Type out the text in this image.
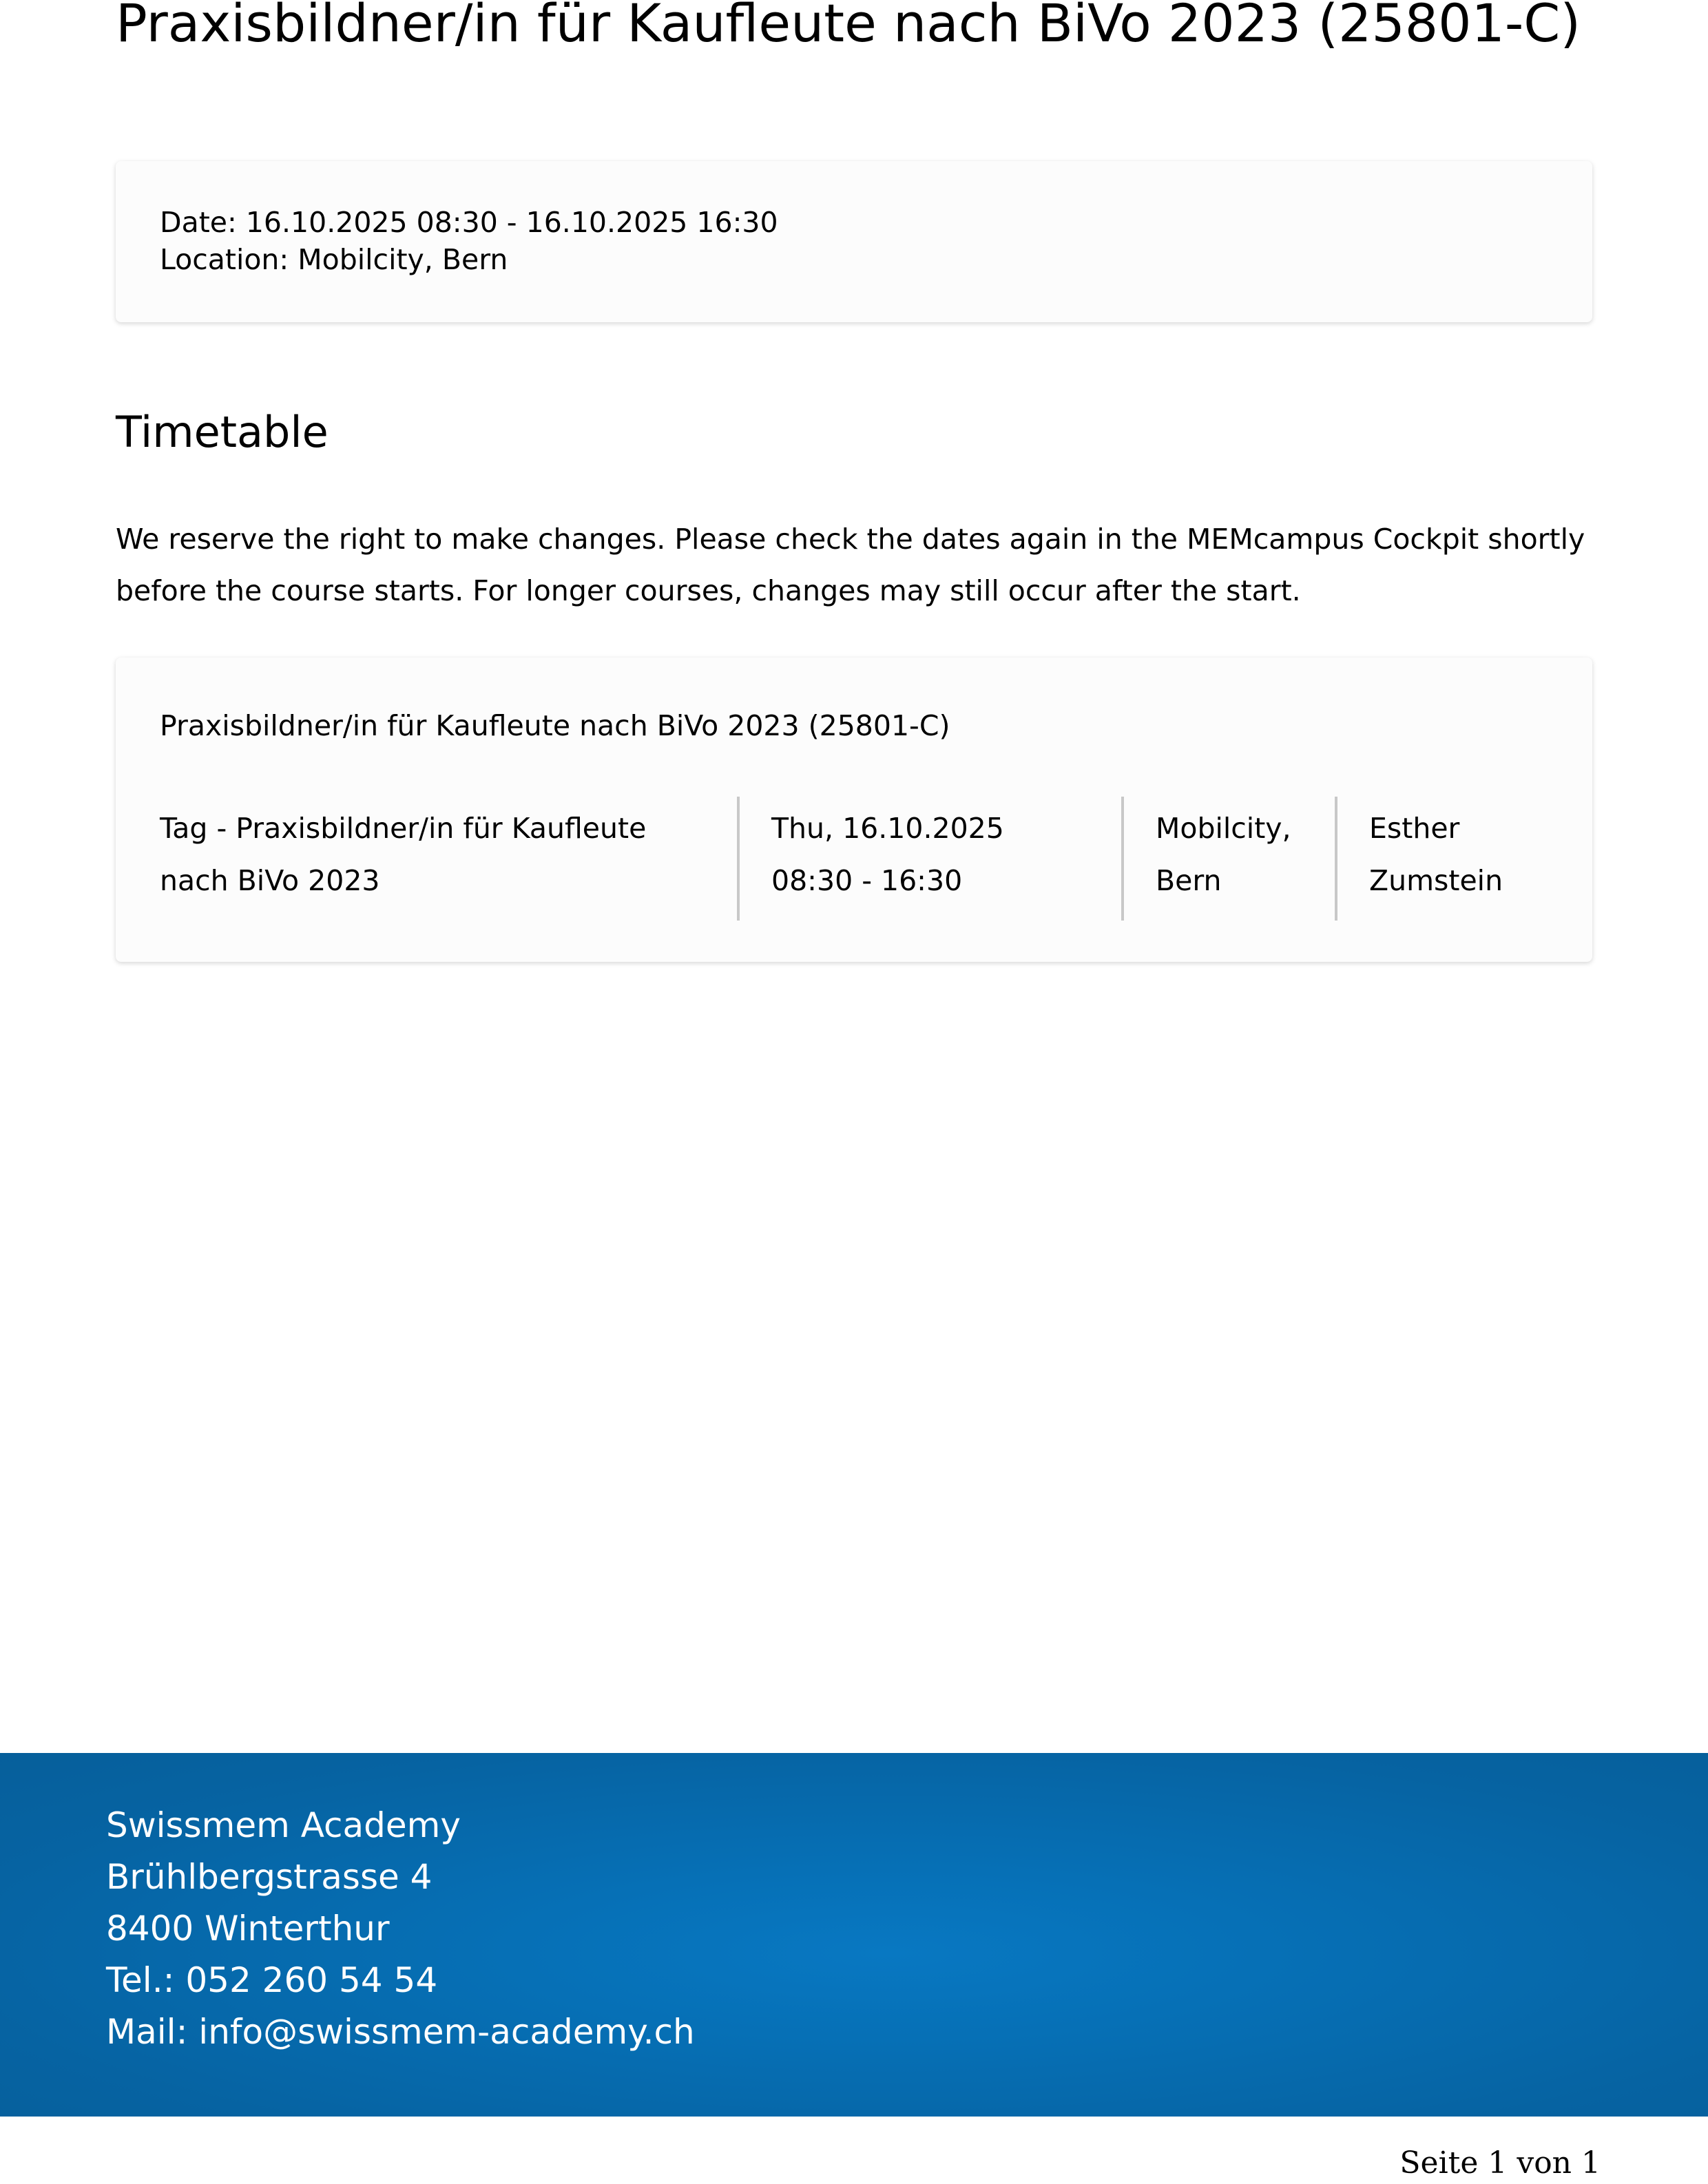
Praxisbildner/in für Kaufleute nach BiVo 2023 (25801-C)
Date: 16.10.2025 08:30 - 16.10.2025 16:30
Location: Mobilcity, Bern
Timetable

We reserve the right to make changes. Please check the dates again in the MEMcampus Cockpit shortly before the course starts. For longer courses, changes may still occur after the start.

Praxisbildner/in für Kaufleute nach BiVo 2023 (25801-C)
Tag - Praxisbildner/in für Kaufleute
nach BiVo 2023
Thu, 16.10.2025
08:30 - 16:30
Mobilcity,
Bern
Esther
Zumstein
Swissmem Academy
Brühlbergstrasse 4
8400 Winterthur
Tel.: 052 260 54 54
Mail: info@swissmem-academy.ch
Seite 1 von 1
